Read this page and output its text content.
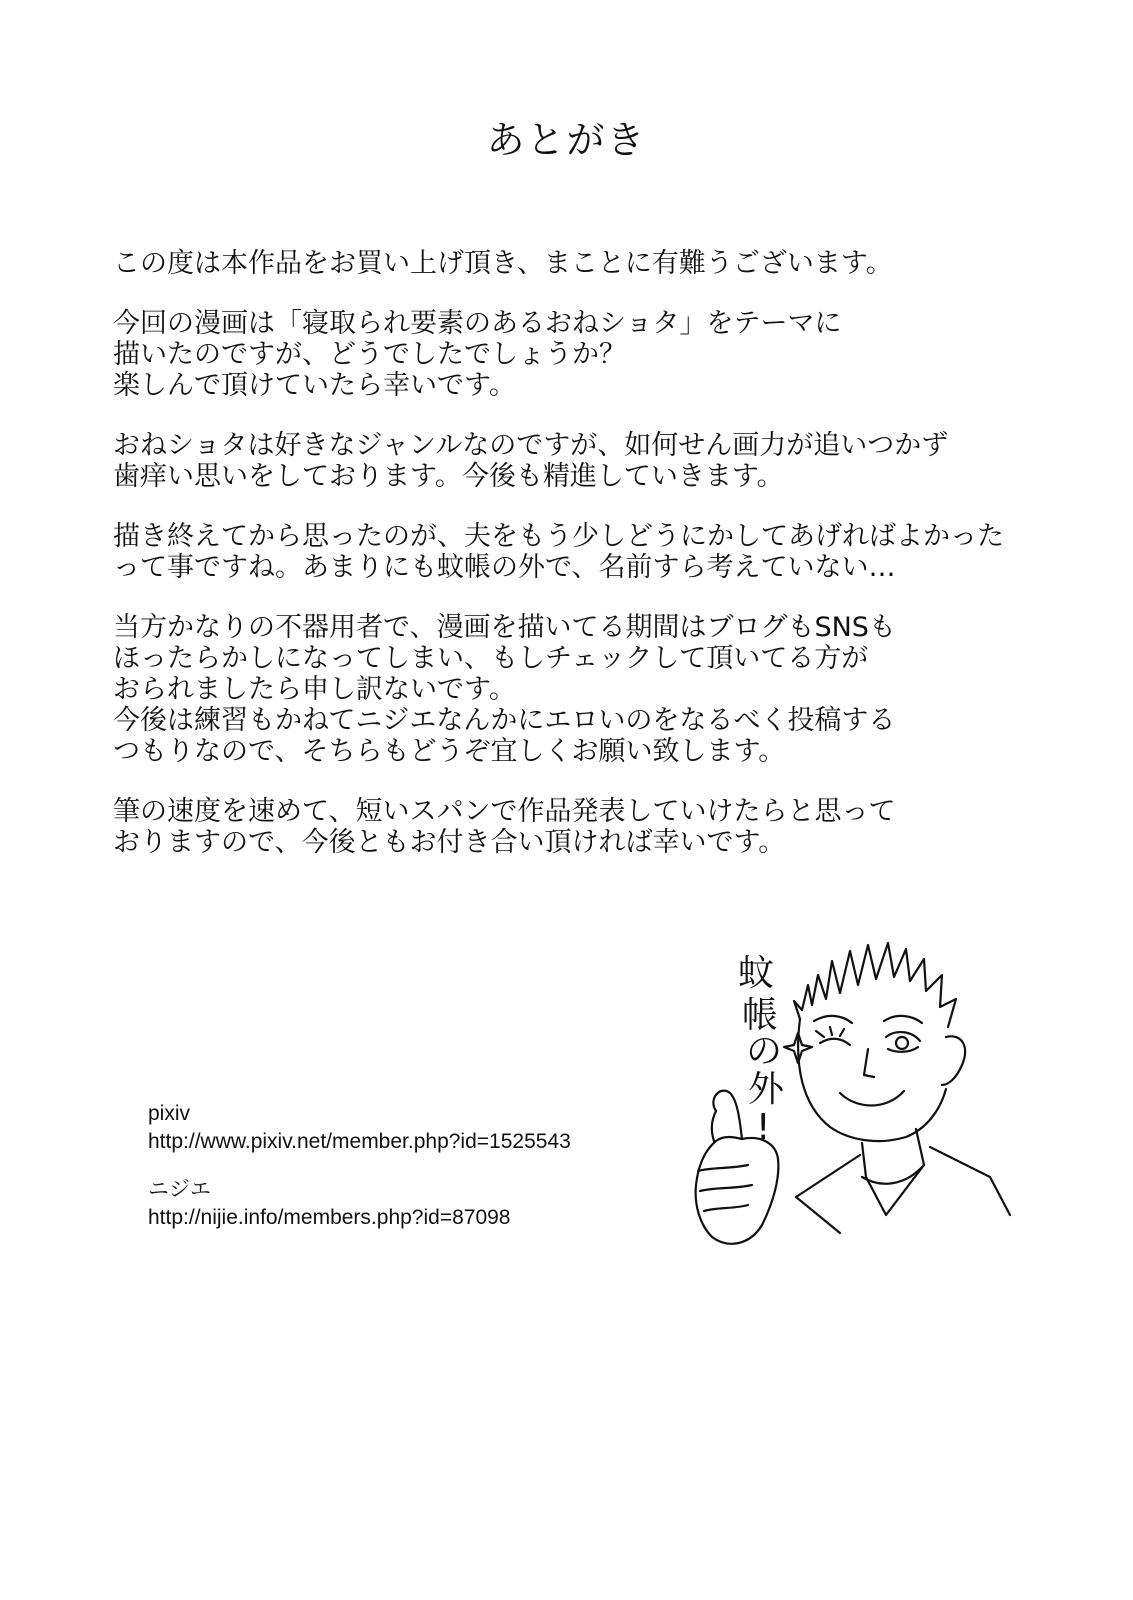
あとがき
この度は本作品をお買い上げ頂き、まことに有難うございます。
今回の漫画は「寝取られ要素のあるおねショタ」をテーマに
描いたのですが、どうでしたでしょうか？
楽しんで頂けていたら幸いです。
おねショタは好きなジャンルなのですが、如何せん画力が追いつかず
歯痒い思いをしております。今後も精進していきます。
描き終えてから思ったのが、夫をもう少しどうにかしてあげればよかった
って事ですね。あまりにも蚊帳の外で、名前すら考えていない…
当方かなりの不器用者で、漫画を描いてる期間はブログもSNSも
ほったらかしになってしまい、もしチェックして頂いてる方が
おられましたら申し訳ないです。
今後は練習もかねてニジエなんかにエロいのをなるべく投稿する
つもりなので、そちらもどうぞ宜しくお願い致します。
筆の速度を速めて、短いスパンで作品発表していけたらと思って
おりますので、今後ともお付き合い頂ければ幸いです。
pixiv
http://www.pixiv.net/member.php?id=1525543
ニジエ
http://nijie.info/members.php?id=87098
蚊
帳
の
外
!
